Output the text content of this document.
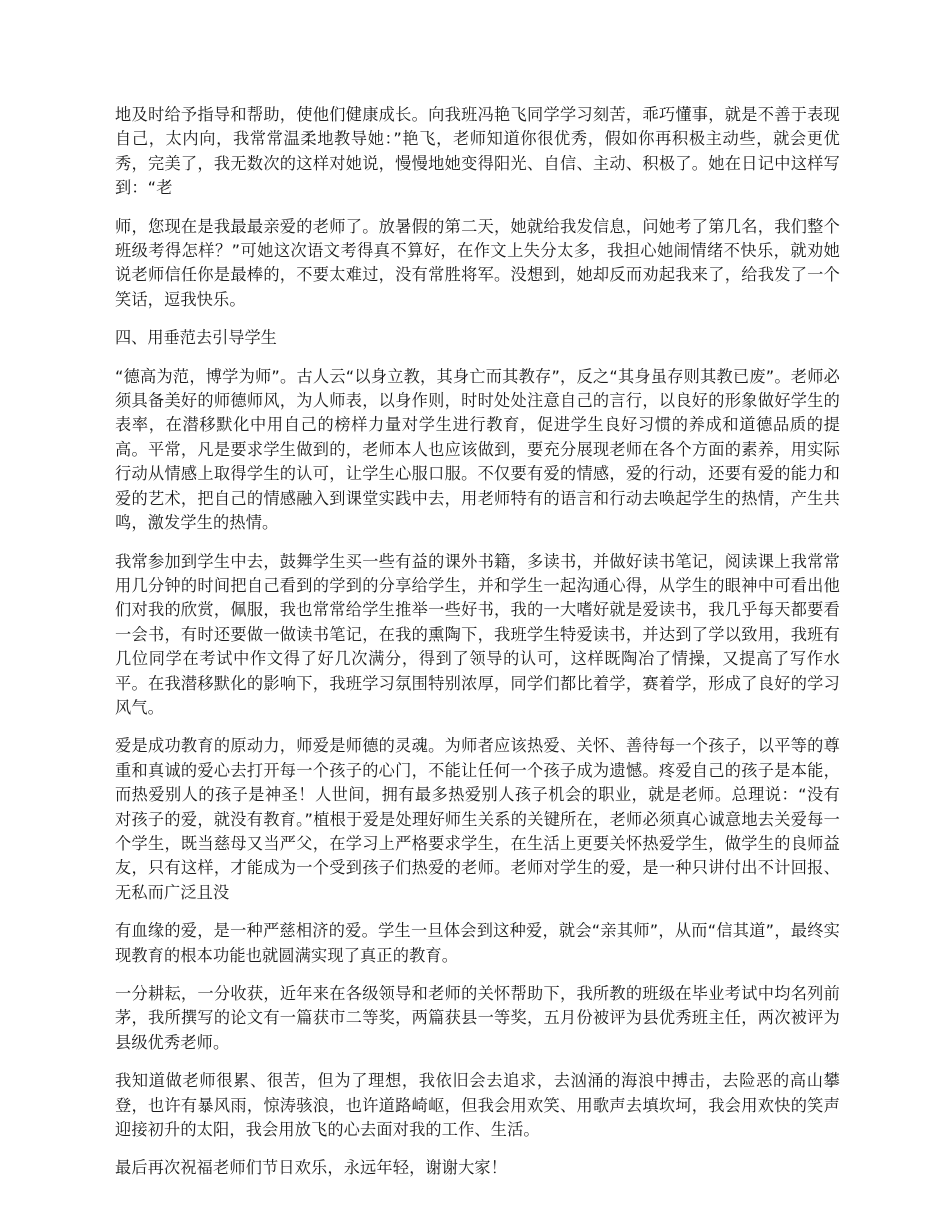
地及时给予指导和帮助，使他们健康成长。向我班冯艳飞同学学习刻苦，乖巧懂事，就是不善于表现自己，太内向，我常常温柔地教导她：”艳飞，老师知道你很优秀，假如你再积极主动些，就会更优秀，完美了，我无数次的这样对她说，慢慢地她变得阳光、自信、主动、积极了。她在日记中这样写到：“老

师，您现在是我最最亲爱的老师了。放暑假的第二天，她就给我发信息，问她考了第几名，我们整个班级考得怎样？”可她这次语文考得真不算好，在作文上失分太多，我担心她闹情绪不快乐，就劝她说老师信任你是最棒的，不要太难过，没有常胜将军。没想到，她却反而劝起我来了，给我发了一个笑话，逗我快乐。

四、用垂范去引导学生

“德高为范，博学为师”。古人云“以身立教，其身亡而其教存”，反之“其身虽存则其教已废”。老师必须具备美好的师德师风，为人师表，以身作则，时时处处注意自己的言行，以良好的形象做好学生的表率，在潜移默化中用自己的榜样力量对学生进行教育，促进学生良好习惯的养成和道德品质的提高。平常，凡是要求学生做到的，老师本人也应该做到，要充分展现老师在各个方面的素养，用实际行动从情感上取得学生的认可，让学生心服口服。不仅要有爱的情感，爱的行动，还要有爱的能力和爱的艺术，把自己的情感融入到课堂实践中去，用老师特有的语言和行动去唤起学生的热情，产生共鸣，激发学生的热情。

我常参加到学生中去，鼓舞学生买一些有益的课外书籍，多读书，并做好读书笔记，阅读课上我常常用几分钟的时间把自己看到的学到的分享给学生，并和学生一起沟通心得，从学生的眼神中可看出他们对我的欣赏，佩服，我也常常给学生推举一些好书，我的一大嗜好就是爱读书，我几乎每天都要看一会书，有时还要做一做读书笔记，在我的熏陶下，我班学生特爱读书，并达到了学以致用，我班有几位同学在考试中作文得了好几次满分，得到了领导的认可，这样既陶冶了情操，又提高了写作水平。在我潜移默化的影响下，我班学习氛围特别浓厚，同学们都比着学，赛着学，形成了良好的学习风气。

爱是成功教育的原动力，师爱是师德的灵魂。为师者应该热爱、关怀、善待每一个孩子，以平等的尊重和真诚的爱心去打开每一个孩子的心门，不能让任何一个孩子成为遗憾。疼爱自己的孩子是本能，而热爱别人的孩子是神圣！人世间，拥有最多热爱别人孩子机会的职业，就是老师。总理说：“没有对孩子的爱，就没有教育。”植根于爱是处理好师生关系的关键所在，老师必须真心诚意地去关爱每一个学生，既当慈母又当严父，在学习上严格要求学生，在生活上更要关怀热爱学生，做学生的良师益友，只有这样，才能成为一个受到孩子们热爱的老师。老师对学生的爱，是一种只讲付出不计回报、无私而广泛且没

有血缘的爱，是一种严慈相济的爱。学生一旦体会到这种爱，就会“亲其师”，从而“信其道”，最终实现教育的根本功能也就圆满实现了真正的教育。

一分耕耘，一分收获，近年来在各级领导和老师的关怀帮助下，我所教的班级在毕业考试中均名列前茅，我所撰写的论文有一篇获市二等奖，两篇获县一等奖，五月份被评为县优秀班主任，两次被评为县级优秀老师。

我知道做老师很累、很苦，但为了理想，我依旧会去追求，去汹涌的海浪中搏击，去险恶的高山攀登，也许有暴风雨，惊涛骇浪，也许道路崎岖，但我会用欢笑、用歌声去填坎坷，我会用欢快的笑声迎接初升的太阳，我会用放飞的心去面对我的工作、生活。

最后再次祝福老师们节日欢乐，永远年轻，谢谢大家！
